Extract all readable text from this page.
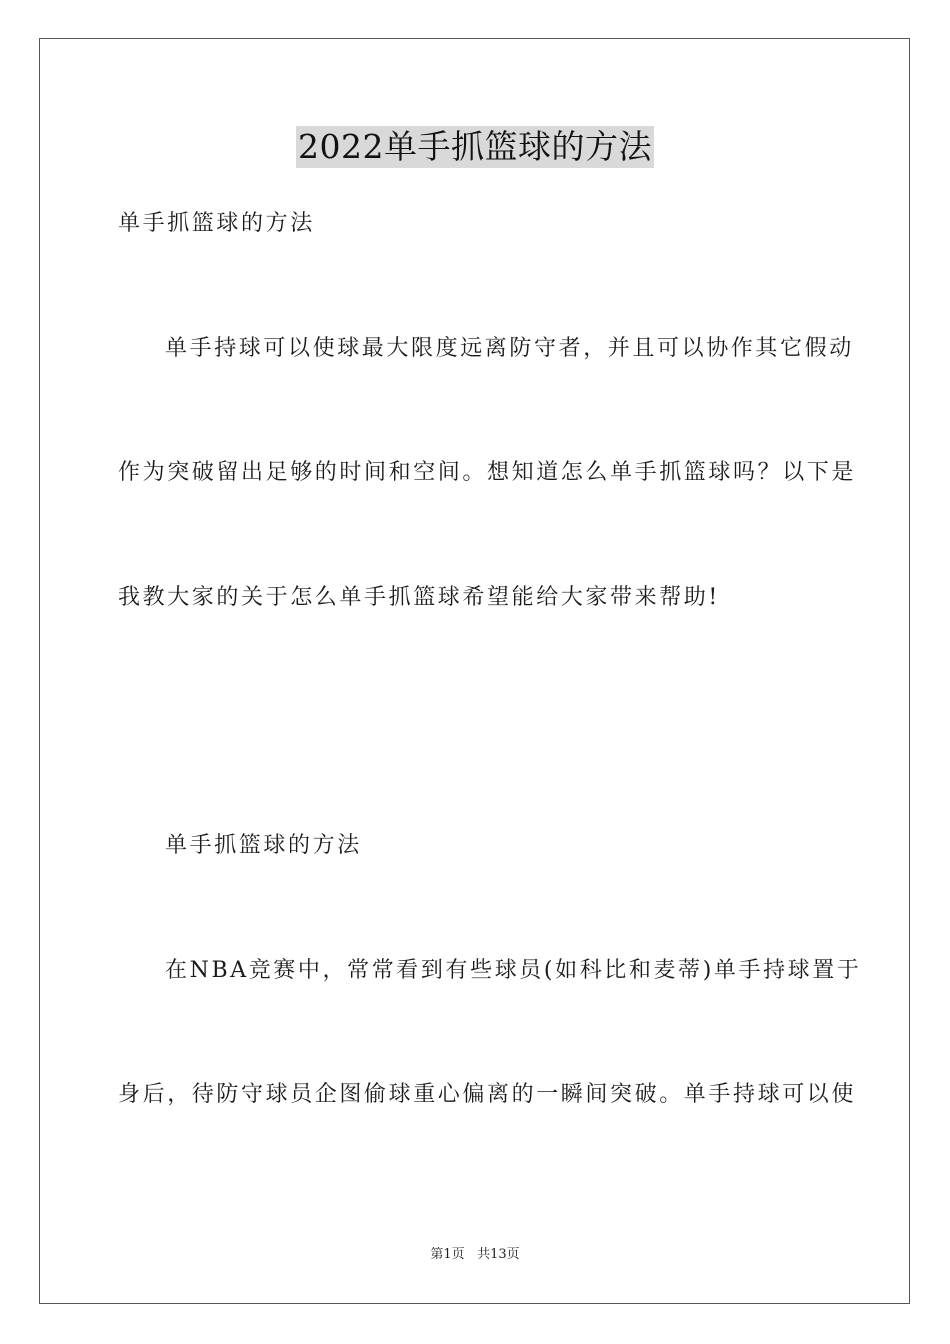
2022单手抓篮球的方法
单手抓篮球的方法
单手持球可以使球最大限度远离防守者，并且可以协作其它假动
作为突破留出足够的时间和空间。想知道怎么单手抓篮球吗？以下是
我教大家的关于怎么单手抓篮球希望能给大家带来帮助!
单手抓篮球的方法
在NBA竞赛中，常常看到有些球员(如科比和麦蒂)单手持球置于
身后，待防守球员企图偷球重心偏离的一瞬间突破。单手持球可以使
第1页 共13页
